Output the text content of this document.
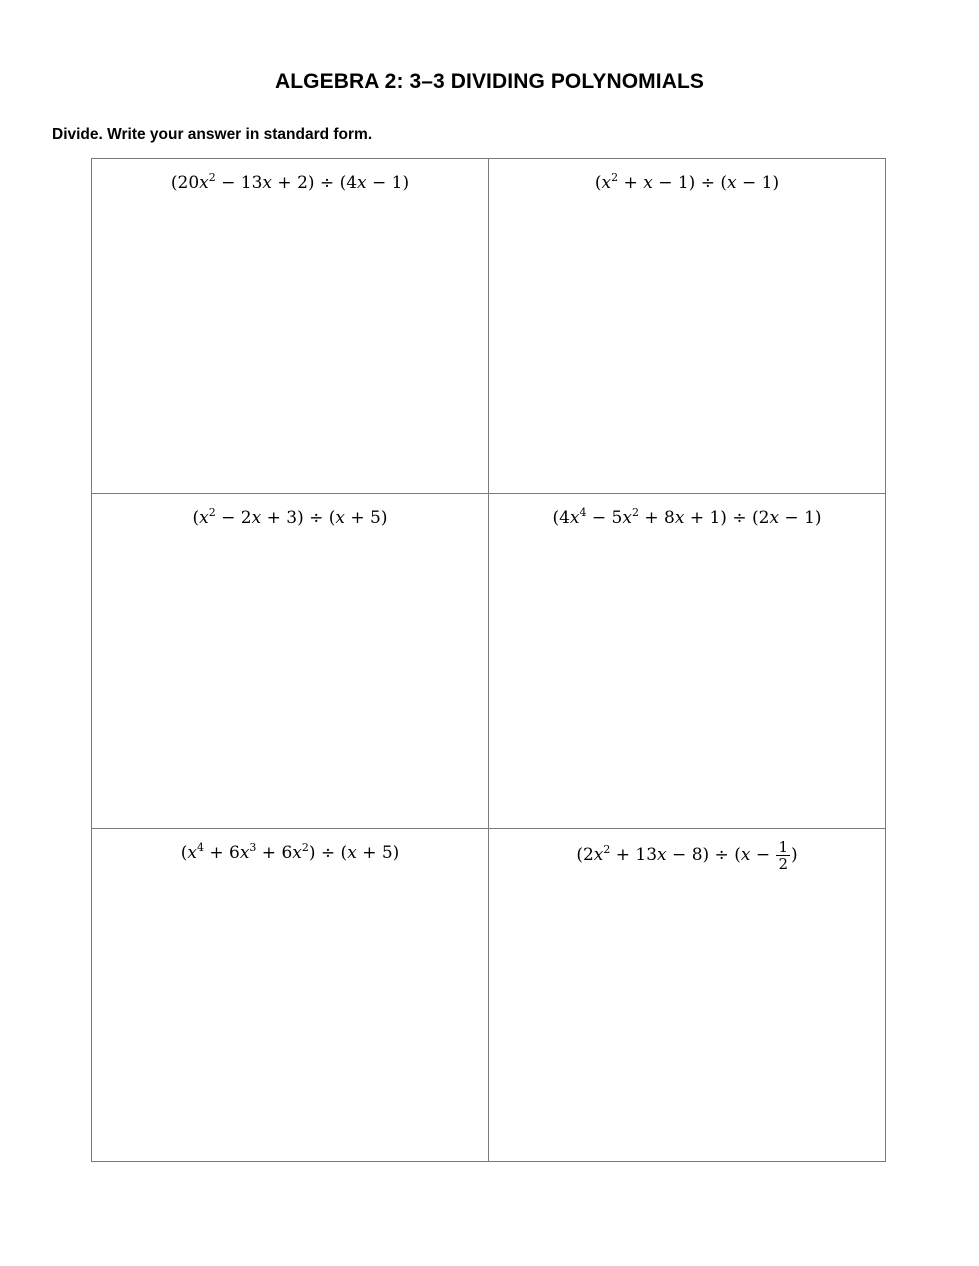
ALGEBRA 2: 3–3 DIVIDING POLYNOMIALS
Divide. Write your answer in standard form.
$(20x^2 - 13x + 2) \div (4x - 1)$	$(x^2 + x - 1) \div (x - 1)$
$(x^2 - 2x + 3) \div (x + 5)$	$(4x^4 - 5x^2 + 8x + 1) \div (2x - 1)$
$(x^4 + 6x^3 + 6x^2) \div (x + 5)$	$(2x^2 + 13x - 8) \div (x - \frac{1}{2}$ )
